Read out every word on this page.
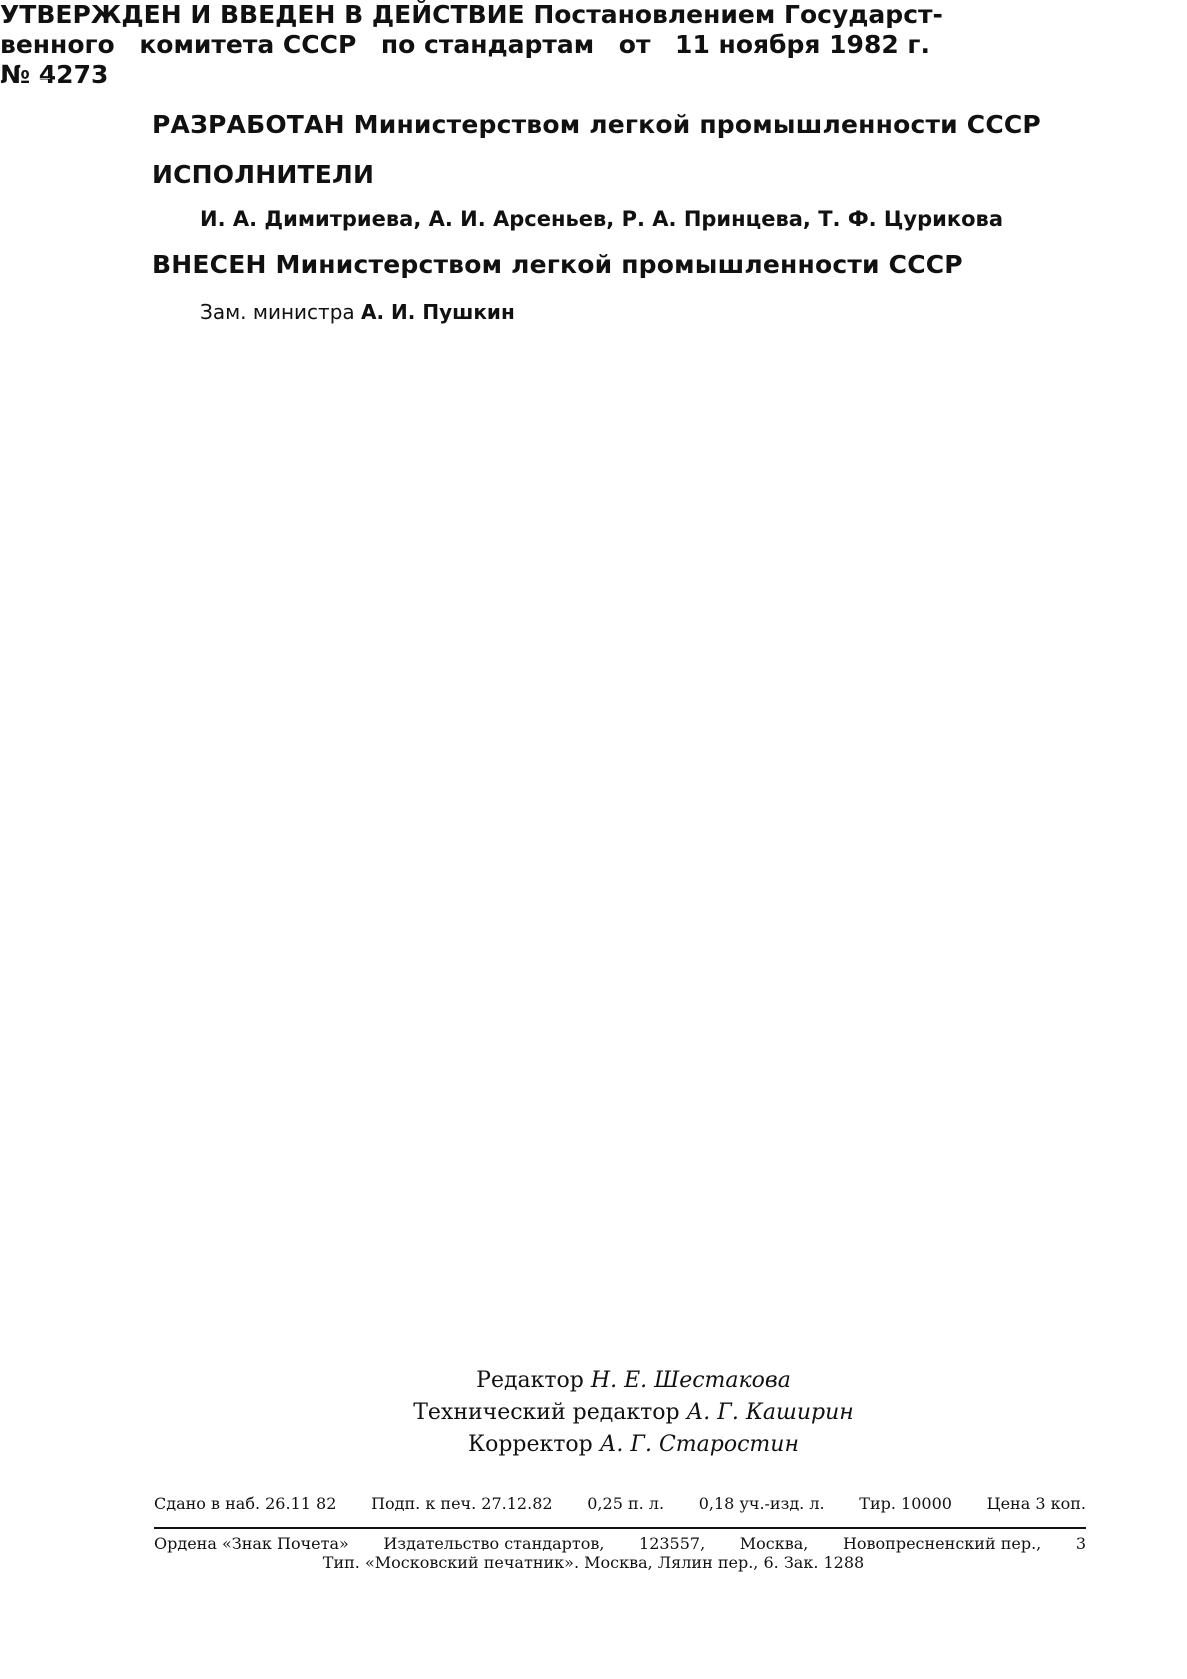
РАЗРАБОТАН Министерством легкой промышленности СССР
ИСПОЛНИТЕЛИ
И. А. Димитриева, А. И. Арсеньев, Р. А. Принцева, Т. Ф. Цурикова
ВНЕСЕН Министерством легкой промышленности СССР
Зам. министра А. И. Пушкин
УТВЕРЖДЕН И ВВЕДЕН В ДЕЙСТВИЕ Постановлением Государст-
венного комитета СССР по стандартам от 11 ноября 1982 г.
№ 4273
Редактор Н. Е. Шестакова
Технический редактор А. Г. Каширин
Корректор А. Г. Старостин
Сдано в наб. 26.11 82 Подп. к печ. 27.12.82 0,25 п. л. 0,18 уч.-изд. л. Тир. 10000 Цена 3 коп.
Ордена «Знак Почета» Издательство стандартов, 123557, Москва, Новопресненский пер., 3
Тип. «Московский печатник». Москва, Лялин пер., 6. Зак. 1288
